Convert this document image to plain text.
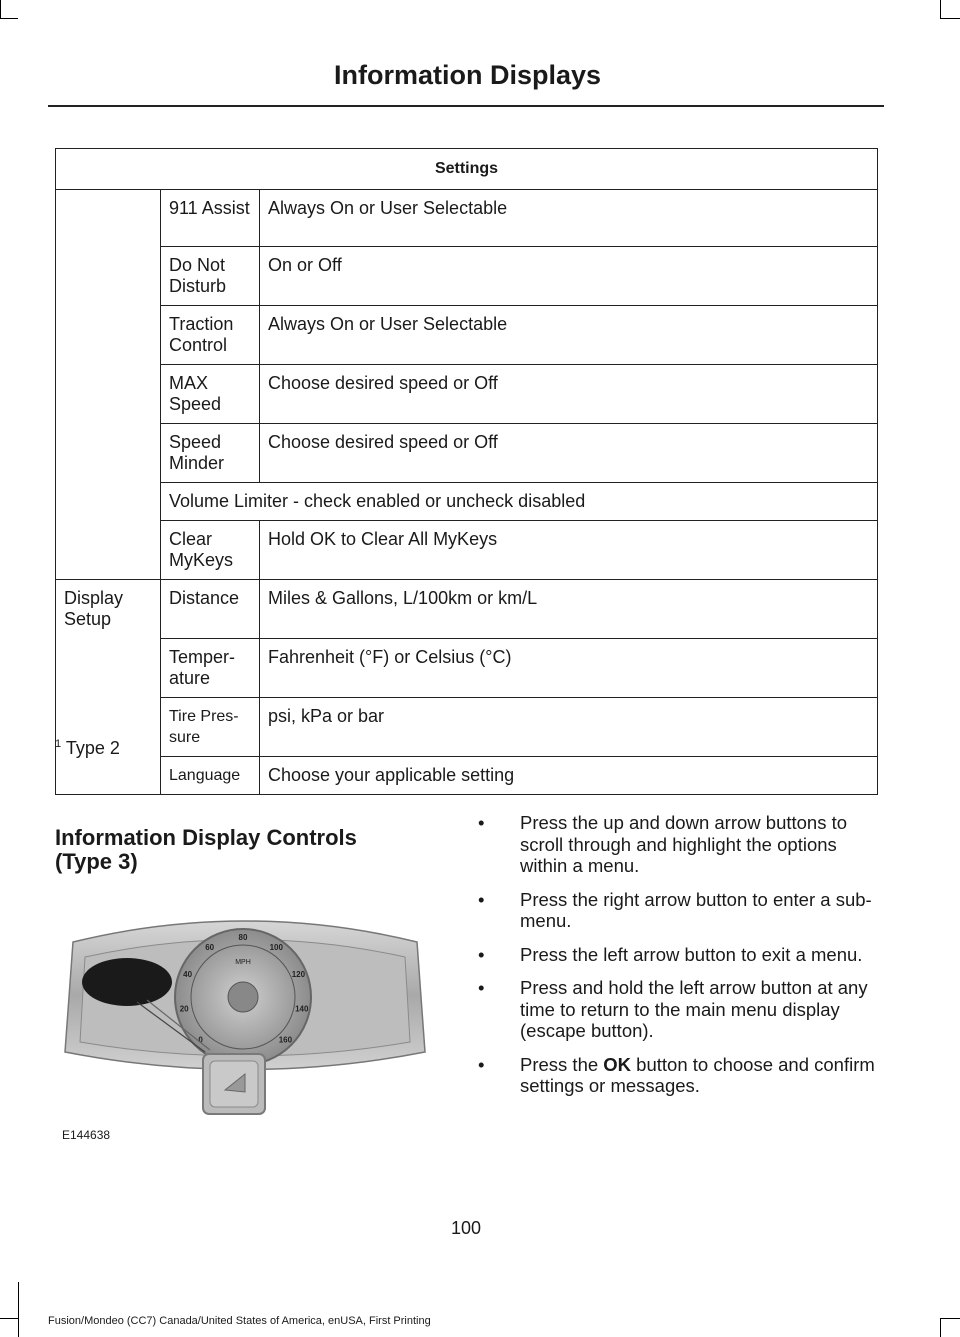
Information Displays
Settings		
	911 Assist	Always On or User Selectable
	Do Not Disturb	On or Off
	Traction Control	Always On or User Selectable
	MAX Speed	Choose desired speed or Off
	Speed Minder	Choose desired speed or Off
	Volume Limiter - check enabled or uncheck disabled	
	Clear MyKeys	Hold OK to Clear All MyKeys
Display Setup	Distance	Miles & Gallons, L/100km or km/L
	Temper-ature	Fahrenheit (°F) or Celsius (°C)
	Tire Pres-sure	psi, kPa or bar
	Language	Choose your applicable setting
$^1$ Type 2
Information Display Controls (Type 3)
MPH
0
20
40
60
80
100
120
140
160
E144638
• Press the up and down arrow buttons to scroll through and highlight the options within a menu.
• Press the right arrow button to enter a sub-menu.
• Press the left arrow button to exit a menu.
• Press and hold the left arrow button at any time to return to the main menu display (escape button).
• Press the OK button to choose and confirm settings or messages.
100
Fusion/Mondeo (CC7) Canada/United States of America, enUSA, First Printing
